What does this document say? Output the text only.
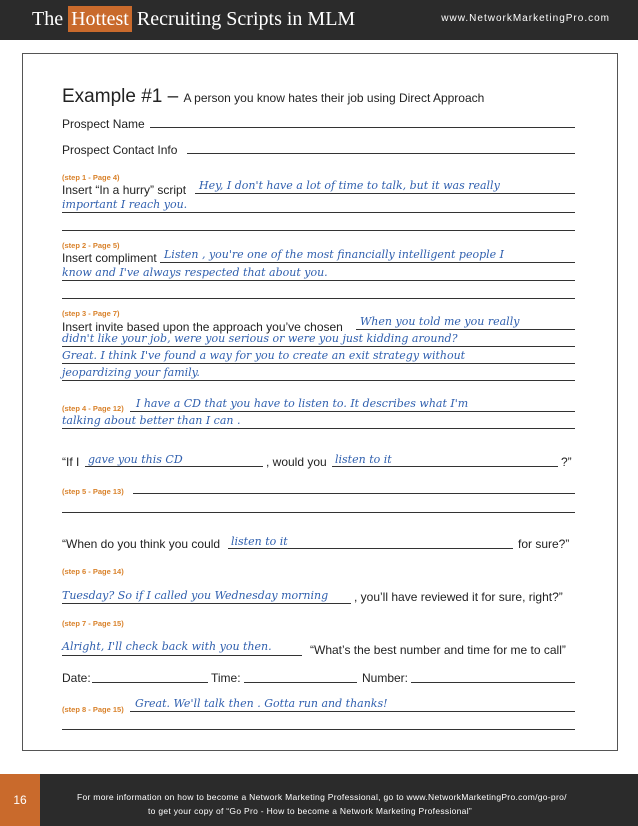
The Hottest Recruiting Scripts in MLM	www.NetworkMarketingPro.com
Example #1 – A person you know hates their job using Direct Approach
Prospect Name
Prospect Contact Info
(step 1 - Page 4)
Insert “In a hurry” script Hey, I don't have a lot of time to talk, but it was really
important I reach you.
(step 2 - Page 5)
Insert compliment Listen , you're one of the most financially intelligent people I
know and I've always respected that about you.
(step 3 - Page 7)
Insert invite based upon the approach you’ve chosen When you told me you really
didn't like your job, were you serious or were you just kidding around?
Great. I think I've found a way for you to create an exit strategy without
jeopardizing your family.
(step 4 - Page 12) I have a CD that you have to listen to. It describes what I'm
talking about better than I can .
“If I gave you this CD	, would you listen to it	?”
(step 5 - Page 13)
“When do you think you could listen to it	for sure?”
(step 6 - Page 14)
Tuesday? So if I called you Wednesday morning , you’ll have reviewed it for sure, right?”
(step 7 - Page 15)
Alright, I'll check back with you then.	“What’s the best number and time for me to call”
Date:	Time:	Number:
(step 8 - Page 15) Great. We'll talk then . Gotta run and thanks!
16	For more information on how to become a Network Marketing Professional, go to www.NetworkMarketingPro.com/go-pro/
to get your copy of “Go Pro - How to become a Network Marketing Professional”
